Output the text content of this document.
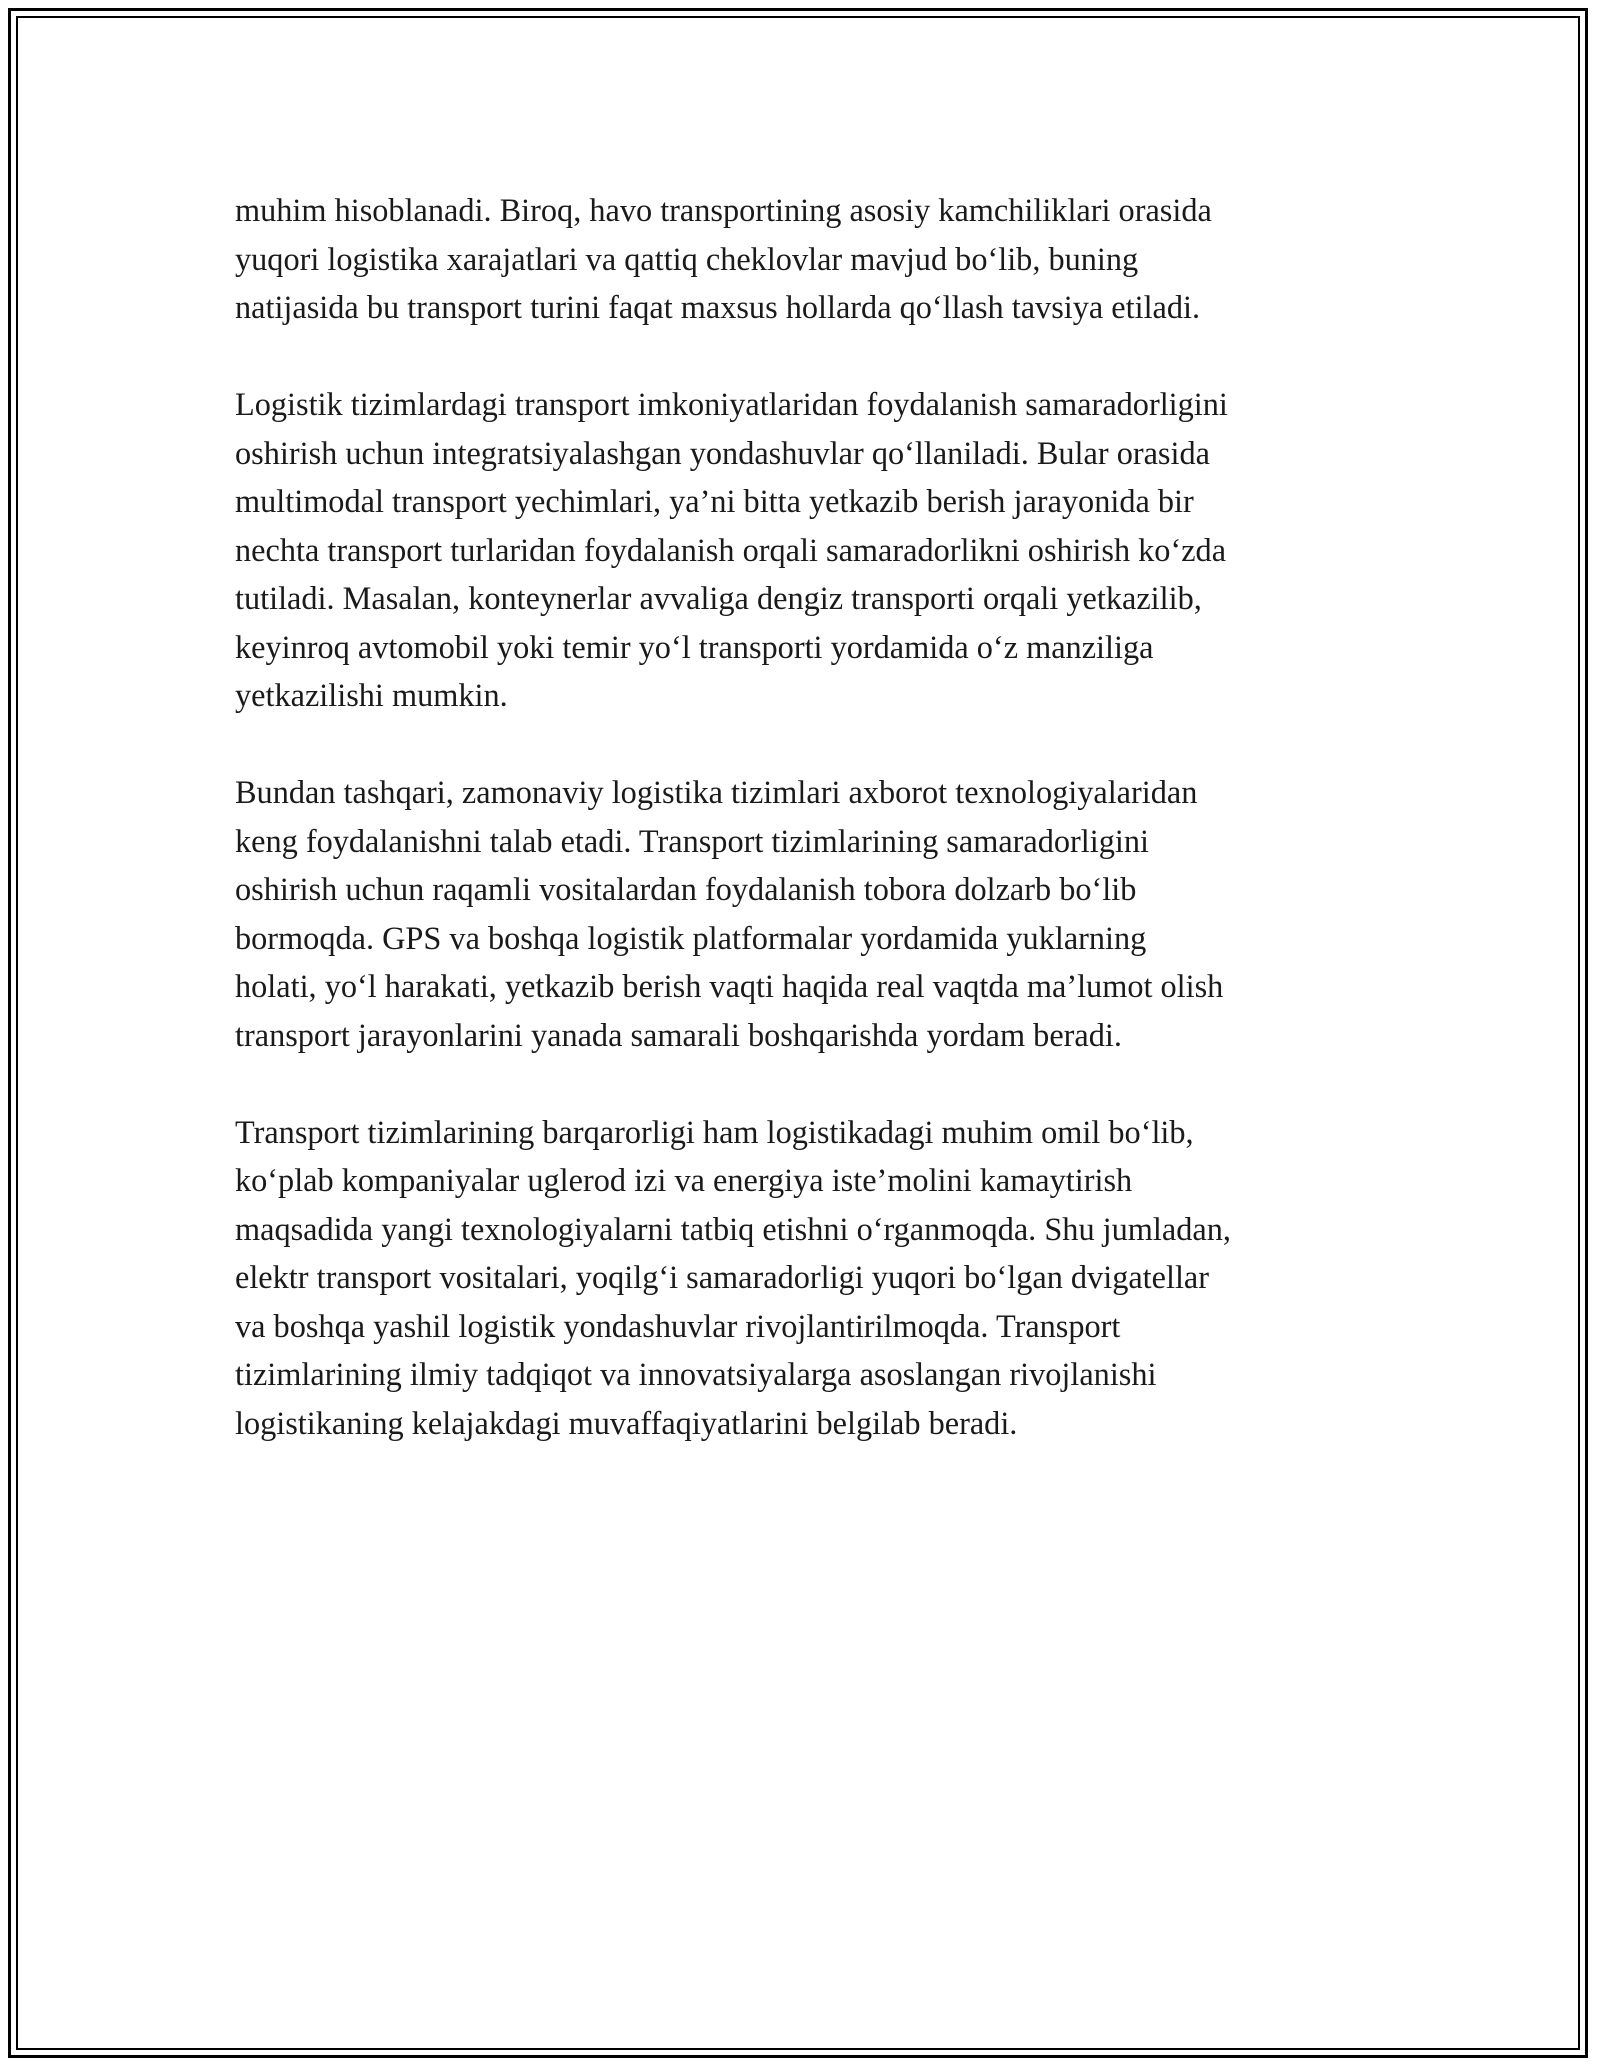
muhim hisoblanadi. Biroq, havo transportining asosiy kamchiliklari orasida
yuqori logistika xarajatlari va qattiq cheklovlar mavjud bo‘lib, buning
natijasida bu transport turini faqat maxsus hollarda qo‘llash tavsiya etiladi.

Logistik tizimlardagi transport imkoniyatlaridan foydalanish samaradorligini
oshirish uchun integratsiyalashgan yondashuvlar qo‘llaniladi. Bular orasida
multimodal transport yechimlari, ya’ni bitta yetkazib berish jarayonida bir
nechta transport turlaridan foydalanish orqali samaradorlikni oshirish ko‘zda
tutiladi. Masalan, konteynerlar avvaliga dengiz transporti orqali yetkazilib,
keyinroq avtomobil yoki temir yo‘l transporti yordamida o‘z manziliga
yetkazilishi mumkin.

Bundan tashqari, zamonaviy logistika tizimlari axborot texnologiyalaridan
keng foydalanishni talab etadi. Transport tizimlarining samaradorligini
oshirish uchun raqamli vositalardan foydalanish tobora dolzarb bo‘lib
bormoqda. GPS va boshqa logistik platformalar yordamida yuklarning
holati, yo‘l harakati, yetkazib berish vaqti haqida real vaqtda ma’lumot olish
transport jarayonlarini yanada samarali boshqarishda yordam beradi.

Transport tizimlarining barqarorligi ham logistikadagi muhim omil bo‘lib,
ko‘plab kompaniyalar uglerod izi va energiya iste’molini kamaytirish
maqsadida yangi texnologiyalarni tatbiq etishni o‘rganmoqda. Shu jumladan,
elektr transport vositalari, yoqilg‘i samaradorligi yuqori bo‘lgan dvigatellar
va boshqa yashil logistik yondashuvlar rivojlantirilmoqda. Transport
tizimlarining ilmiy tadqiqot va innovatsiyalarga asoslangan rivojlanishi
logistikaning kelajakdagi muvaffaqiyatlarini belgilab beradi.
